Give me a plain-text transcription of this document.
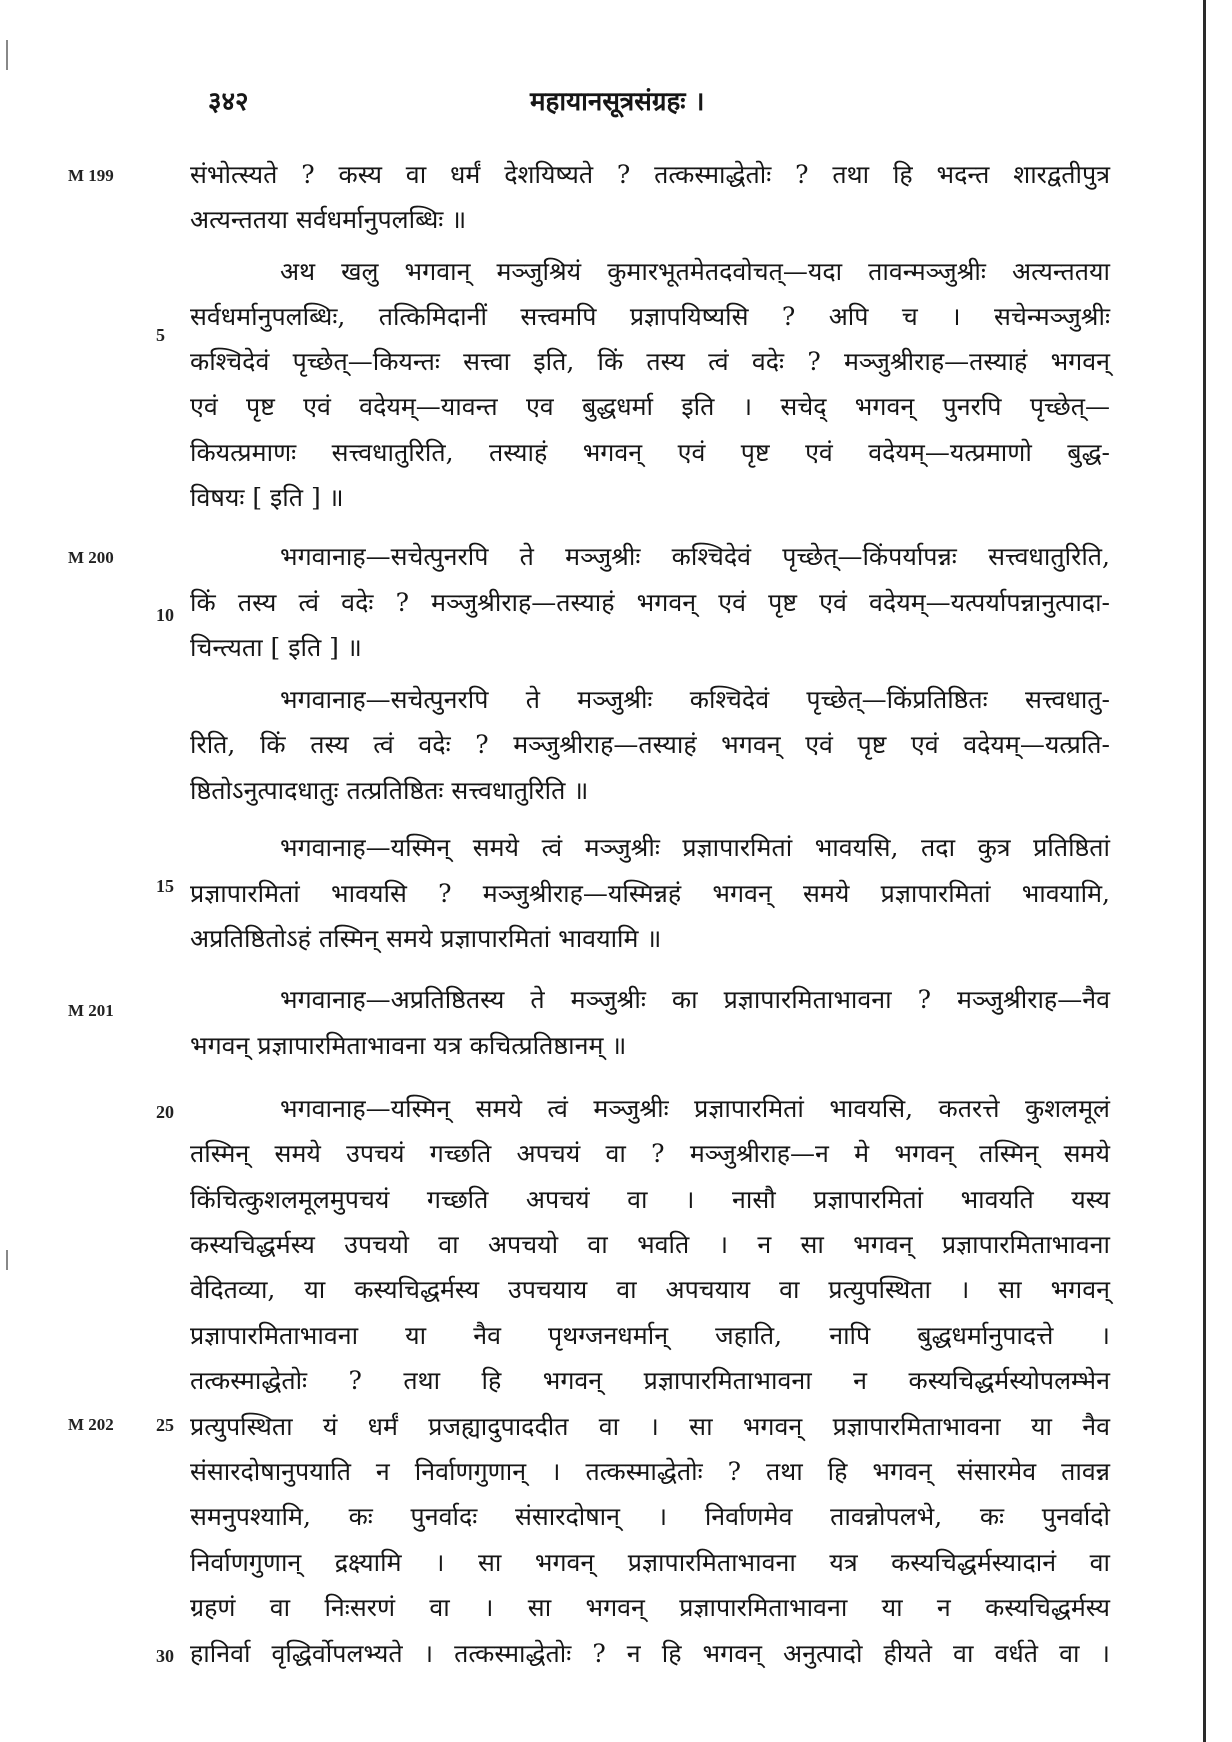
३४२	महायानसूत्रसंग्रहः ।
M 199
M 200
M 201
M 202
5
10
15
20
25
30
संभोत्स्यते ? कस्य वा धर्मं देशयिष्यते ? तत्कस्माद्धेतोः ? तथा हि भदन्त शारद्वतीपुत्र
अत्यन्ततया सर्वधर्मानुपलब्धिः ॥
अथ खलु भगवान् मञ्जुश्रियं कुमारभूतमेतदवोचत्—यदा तावन्मञ्जुश्रीः अत्यन्ततया
सर्वधर्मानुपलब्धिः, तत्किमिदानीं सत्त्वमपि प्रज्ञापयिष्यसि ? अपि च । सचेन्मञ्जुश्रीः
कश्चिदेवं पृच्छेत्—कियन्तः सत्त्वा इति, किं तस्य त्वं वदेः ? मञ्जुश्रीराह—तस्याहं भगवन्
एवं पृष्ट एवं वदेयम्—यावन्त एव बुद्धधर्मा इति । सचेद् भगवन् पुनरपि पृच्छेत्—
कियत्प्रमाणः सत्त्वधातुरिति, तस्याहं भगवन् एवं पृष्ट एवं वदेयम्—यत्प्रमाणो बुद्ध-
विषयः [ इति ] ॥
भगवानाह—सचेत्पुनरपि ते मञ्जुश्रीः कश्चिदेवं पृच्छेत्—किंपर्यापन्नः सत्त्वधातुरिति,
किं तस्य त्वं वदेः ? मञ्जुश्रीराह—तस्याहं भगवन् एवं पृष्ट एवं वदेयम्—यत्पर्यापन्नानुत्पादा-
चिन्त्यता [ इति ] ॥
भगवानाह—सचेत्पुनरपि ते मञ्जुश्रीः कश्चिदेवं पृच्छेत्—किंप्रतिष्ठितः सत्त्वधातु-
रिति, किं तस्य त्वं वदेः ? मञ्जुश्रीराह—तस्याहं भगवन् एवं पृष्ट एवं वदेयम्—यत्प्रति-
ष्ठितोऽनुत्पादधातुः तत्प्रतिष्ठितः सत्त्वधातुरिति ॥
भगवानाह—यस्मिन् समये त्वं मञ्जुश्रीः प्रज्ञापारमितां भावयसि, तदा कुत्र प्रतिष्ठितां
प्रज्ञापारमितां भावयसि ? मञ्जुश्रीराह—यस्मिन्नहं भगवन् समये प्रज्ञापारमितां भावयामि,
अप्रतिष्ठितोऽहं तस्मिन् समये प्रज्ञापारमितां भावयामि ॥
भगवानाह—अप्रतिष्ठितस्य ते मञ्जुश्रीः का प्रज्ञापारमिताभावना ? मञ्जुश्रीराह—नैव
भगवन् प्रज्ञापारमिताभावना यत्र कचित्प्रतिष्ठानम् ॥
भगवानाह—यस्मिन् समये त्वं मञ्जुश्रीः प्रज्ञापारमितां भावयसि, कतरत्ते कुशलमूलं
तस्मिन् समये उपचयं गच्छति अपचयं वा ? मञ्जुश्रीराह—न मे भगवन् तस्मिन् समये
किंचित्कुशलमूलमुपचयं गच्छति अपचयं वा । नासौ प्रज्ञापारमितां भावयति यस्य
कस्यचिद्धर्मस्य उपचयो वा अपचयो वा भवति । न सा भगवन् प्रज्ञापारमिताभावना
वेदितव्या, या कस्यचिद्धर्मस्य उपचयाय वा अपचयाय वा प्रत्युपस्थिता । सा भगवन्
प्रज्ञापारमिताभावना या नैव पृथग्जनधर्मान् जहाति, नापि बुद्धधर्मानुपादत्ते ।
तत्कस्माद्धेतोः ? तथा हि भगवन् प्रज्ञापारमिताभावना न कस्यचिद्धर्मस्योपलम्भेन
प्रत्युपस्थिता यं धर्मं प्रजह्यादुपाददीत वा । सा भगवन् प्रज्ञापारमिताभावना या नैव
संसारदोषानुपयाति न निर्वाणगुणान् । तत्कस्माद्धेतोः ? तथा हि भगवन् संसारमेव तावन्न
समनुपश्यामि, कः पुनर्वादः संसारदोषान् । निर्वाणमेव तावन्नोपलभे, कः पुनर्वादो
निर्वाणगुणान् द्रक्ष्यामि । सा भगवन् प्रज्ञापारमिताभावना यत्र कस्यचिद्धर्मस्यादानं वा
ग्रहणं वा निःसरणं वा । सा भगवन् प्रज्ञापारमिताभावना या न कस्यचिद्धर्मस्य
हानिर्वा वृद्धिर्वोपलभ्यते । तत्कस्माद्धेतोः ? न हि भगवन् अनुत्पादो हीयते वा वर्धते वा ।
